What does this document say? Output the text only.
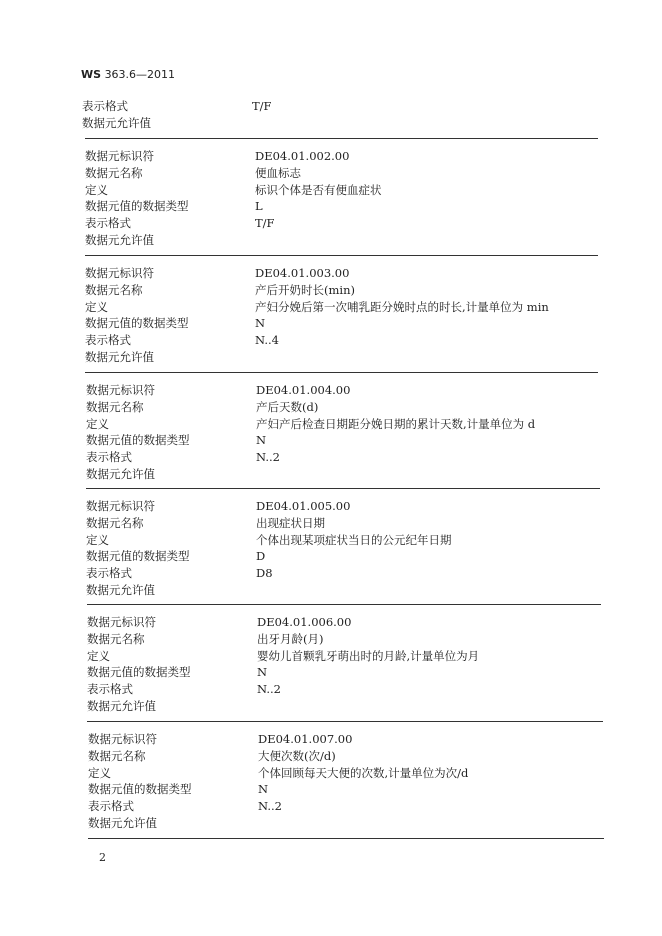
WS 363.6—2011
表示格式	T/F
数据元允许值
数据元标识符	DE04.01.002.00
数据元名称	便血标志
定义	标识个体是否有便血症状
数据元值的数据类型	L
表示格式	T/F
数据元允许值
数据元标识符	DE04.01.003.00
数据元名称	产后开奶时长(min)
定义	产妇分娩后第一次哺乳距分娩时点的时长,计量单位为 min
数据元值的数据类型	N
表示格式	N..4
数据元允许值
数据元标识符	DE04.01.004.00
数据元名称	产后天数(d)
定义	产妇产后检查日期距分娩日期的累计天数,计量单位为 d
数据元值的数据类型	N
表示格式	N..2
数据元允许值
数据元标识符	DE04.01.005.00
数据元名称	出现症状日期
定义	个体出现某项症状当日的公元纪年日期
数据元值的数据类型	D
表示格式	D8
数据元允许值
数据元标识符	DE04.01.006.00
数据元名称	出牙月龄(月)
定义	婴幼儿首颗乳牙萌出时的月龄,计量单位为月
数据元值的数据类型	N
表示格式	N..2
数据元允许值
数据元标识符	DE04.01.007.00
数据元名称	大便次数(次/d)
定义	个体回顾每天大便的次数,计量单位为次/d
数据元值的数据类型	N
表示格式	N..2
数据元允许值
2
